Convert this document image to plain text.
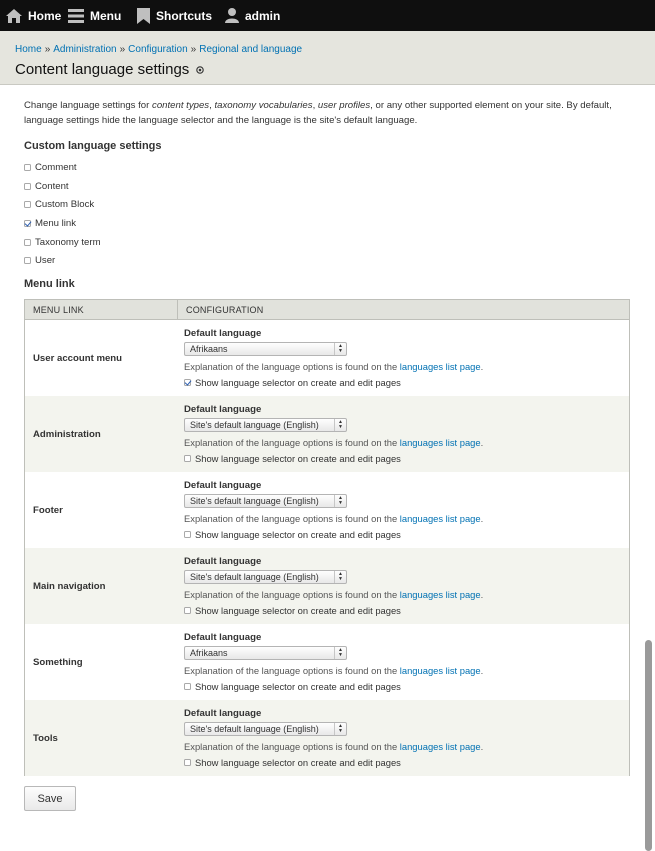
Home Menu	Shortcuts	admin
Home » Administration » Configuration » Regional and language
Content language settings

Change language settings for content types, taxonomy vocabularies, user profiles, or any other supported element on your site. By default, language settings hide the language selector and the language is the site's default language.

Custom language settings
Comment
Content
Custom Block
Menu link
Taxonomy term
User
Menu link
MENU LINK	CONFIGURATION
User account menu
Default language
Afrikaans	▲
▼
Explanation of the language options is found on the languages list page.
Show language selector on create and edit pages
Administration
Default language
Site's default language (English)	▲
▼
Explanation of the language options is found on the languages list page.
Show language selector on create and edit pages
Footer
Default language
Site's default language (English)	▲
▼
Explanation of the language options is found on the languages list page.
Show language selector on create and edit pages
Main navigation
Default language
Site's default language (English)	▲
▼
Explanation of the language options is found on the languages list page.
Show language selector on create and edit pages
Something
Default language
Afrikaans	▲
▼
Explanation of the language options is found on the languages list page.
Show language selector on create and edit pages
Tools
Default language
Site's default language (English)	▲
▼
Explanation of the language options is found on the languages list page.
Show language selector on create and edit pages
Save
